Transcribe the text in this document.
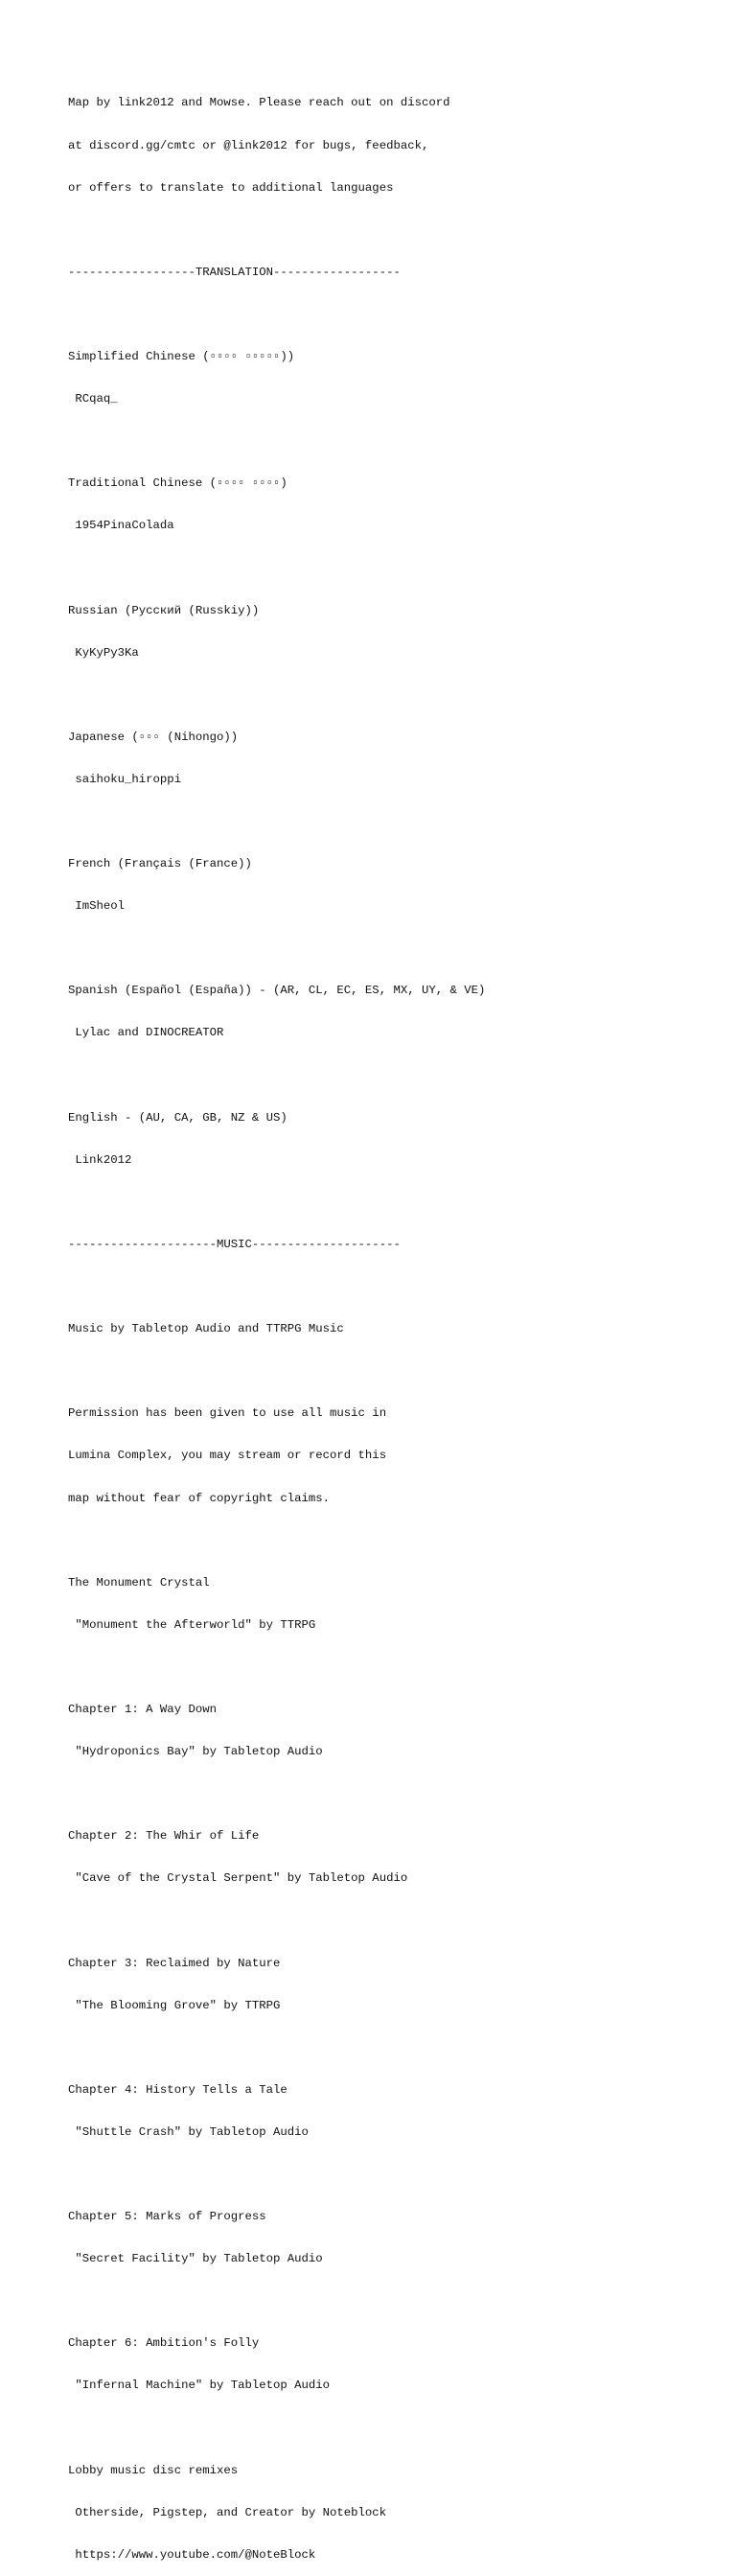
Map by link2012 and Mowse. Please reach out on discord

at discord.gg/cmtc or @link2012 for bugs, feedback,

or offers to translate to additional languages

------------------TRANSLATION------------------

Simplified Chinese (▫▫▫▫ ▫▫▫▫▫))

RCqaq_

Traditional Chinese (▫▫▫▫ ▫▫▫▫)

1954PinaColada

Russian (Русский (Russkiy))

KyKyPy3Ka

Japanese (▫▫▫ (Nihongo))

saihoku_hiroppi

French (Français (France))

ImSheol

Spanish (Español (España)) - (AR, CL, EC, ES, MX, UY, & VE)

Lylac and DINOCREATOR

English - (AU, CA, GB, NZ & US)

Link2012

---------------------MUSIC---------------------

Music by Tabletop Audio and TTRPG Music

Permission has been given to use all music in

Lumina Complex, you may stream or record this

map without fear of copyright claims.

The Monument Crystal

"Monument the Afterworld" by TTRPG

Chapter 1: A Way Down

"Hydroponics Bay" by Tabletop Audio

Chapter 2: The Whir of Life

"Cave of the Crystal Serpent" by Tabletop Audio

Chapter 3: Reclaimed by Nature

"The Blooming Grove" by TTRPG

Chapter 4: History Tells a Tale

"Shuttle Crash" by Tabletop Audio

Chapter 5: Marks of Progress

"Secret Facility" by Tabletop Audio

Chapter 6: Ambition's Folly

"Infernal Machine" by Tabletop Audio

Lobby music disc remixes

Otherside, Pigstep, and Creator by Noteblock

https://www.youtube.com/@NoteBlock
